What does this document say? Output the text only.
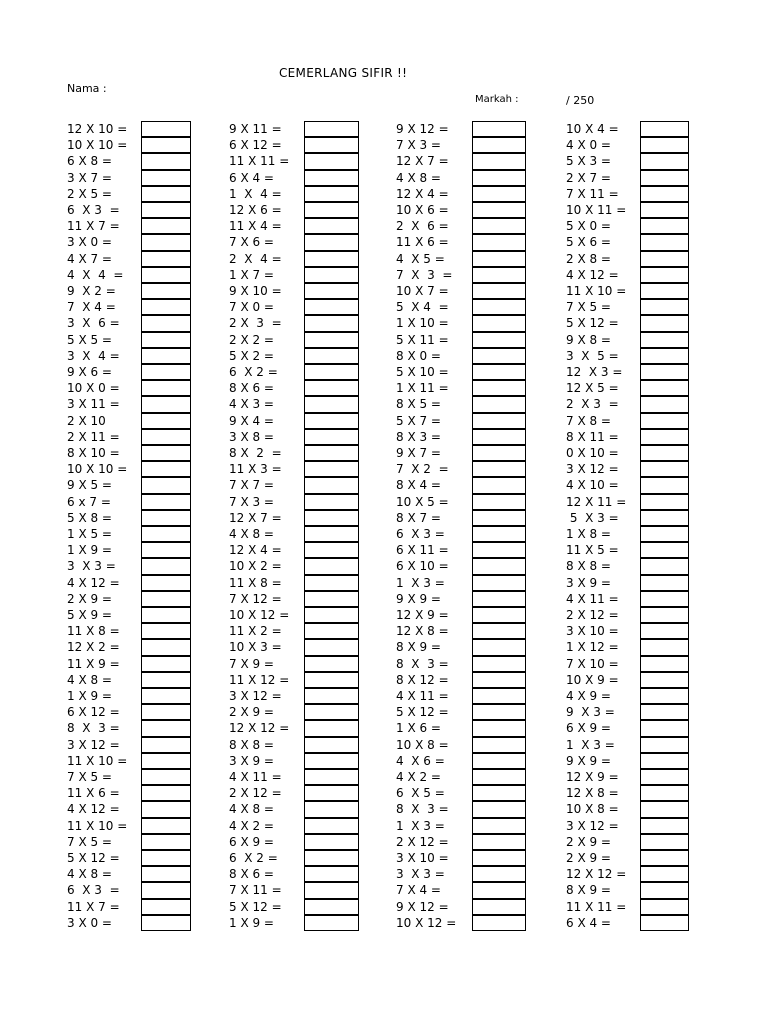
CEMERLANG SIFIR !!
Nama :
Markah :	/ 250
12 X 10 =
10 X 10 =
6 X 8 =
3 X 7 =
2 X 5 =
6  X 3  =
11 X 7 =
3 X 0 =
4 X 7 =
4  X  4  =
9  X 2 =
7  X 4 =
3  X  6 =
5 X 5 =
3  X  4 =
9 X 6 =
10 X 0 =
3 X 11 =
2 X 10
2 X 11 =
8 X 10 =
10 X 10 =
9 X 5 =
6 x 7 =
5 X 8 =
1 X 5 =
1 X 9 =
3  X 3 =
4 X 12 =
2 X 9 =
5 X 9 =
11 X 8 =
12 X 2 =
11 X 9 =
4 X 8 =
1 X 9 =
6 X 12 =
8  X  3 =
3 X 12 =
11 X 10 =
7 X 5 =
11 X 6 =
4 X 12 =
11 X 10 =
7 X 5 =
5 X 12 =
4 X 8 =
6  X 3  =
11 X 7 =
3 X 0 =
9 X 11 =
6 X 12 =
11 X 11 =
6 X 4 =
1  X  4 =
12 X 6 =
11 X 4 =
7 X 6 =
2  X  4 =
1 X 7 =
9 X 10 =
7 X 0 =
2 X  3  =
2 X 2 =
5 X 2 =
6  X 2 =
8 X 6 =
4 X 3 =
9 X 4 =
3 X 8 =
8 X  2  =
11 X 3 =
7 X 7 =
7 X 3 =
12 X 7 =
4 X 8 =
12 X 4 =
10 X 2 =
11 X 8 =
7 X 12 =
10 X 12 =
11 X 2 =
10 X 3 =
7 X 9 =
11 X 12 =
3 X 12 =
2 X 9 =
12 X 12 =
8 X 8 =
3 X 9 =
4 X 11 =
2 X 12 =
4 X 8 =
4 X 2 =
6 X 9 =
6  X 2 =
8 X 6 =
7 X 11 =
5 X 12 =
1 X 9 =
9 X 12 =
7 X 3 =
12 X 7 =
4 X 8 =
12 X 4 =
10 X 6 =
2  X  6 =
11 X 6 =
4  X 5 =
7  X  3  =
10 X 7 =
5  X 4  =
1 X 10 =
5 X 11 =
8 X 0 =
5 X 10 =
1 X 11 =
8 X 5 =
5 X 7 =
8 X 3 =
9 X 7 =
7  X 2  =
8 X 4 =
10 X 5 =
8 X 7 =
6  X 3 =
6 X 11 =
6 X 10 =
1  X 3 =
9 X 9 =
12 X 9 =
12 X 8 =
8 X 9 =
8  X  3 =
8 X 12 =
4 X 11 =
5 X 12 =
1 X 6 =
10 X 8 =
4  X 6 =
4 X 2 =
6  X 5 =
8  X  3 =
1  X 3 =
2 X 12 =
3 X 10 =
3  X 3 =
7 X 4 =
9 X 12 =
10 X 12 =
10 X 4 =
4 X 0 =
5 X 3 =
2 X 7 =
7 X 11 =
10 X 11 =
5 X 0 =
5 X 6 =
2 X 8 =
4 X 12 =
11 X 10 =
7 X 5 =
5 X 12 =
9 X 8 =
3  X  5 =
12  X 3 =
12 X 5 =
2  X 3  =
7 X 8 =
8 X 11 =
0 X 10 =
3 X 12 =
4 X 10 =
12 X 11 =
5  X 3 =
1 X 8 =
11 X 5 =
8 X 8 =
3 X 9 =
4 X 11 =
2 X 12 =
3 X 10 =
1 X 12 =
7 X 10 =
10 X 9 =
4 X 9 =
9  X 3 =
6 X 9 =
1  X 3 =
9 X 9 =
12 X 9 =
12 X 8 =
10 X 8 =
3 X 12 =
2 X 9 =
2 X 9 =
12 X 12 =
8 X 9 =
11 X 11 =
6 X 4 =
